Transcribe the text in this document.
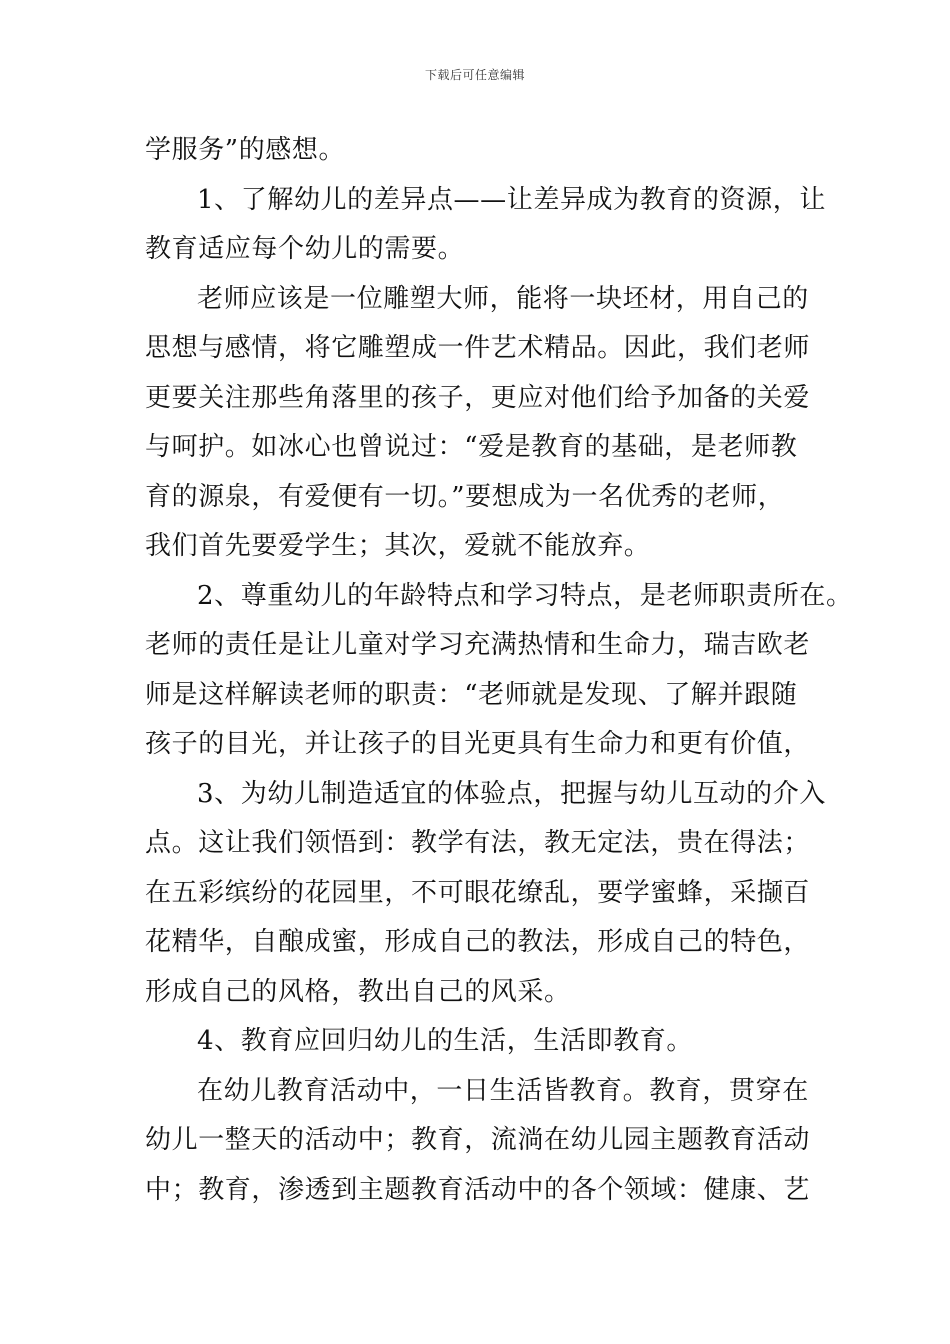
下载后可任意编辑
学服务”的感想。
1、了解幼儿的差异点——让差异成为教育的资源，让
教育适应每个幼儿的需要。
老师应该是一位雕塑大师，能将一块坯材，用自己的
思想与感情，将它雕塑成一件艺术精品。因此，我们老师
更要关注那些角落里的孩子，更应对他们给予加备的关爱
与呵护。如冰心也曾说过：“爱是教育的基础，是老师教
育的源泉，有爱便有一切。”要想成为一名优秀的老师，
我们首先要爱学生；其次，爱就不能放弃。
2、尊重幼儿的年龄特点和学习特点，是老师职责所在。
老师的责任是让儿童对学习充满热情和生命力，瑞吉欧老
师是这样解读老师的职责：“老师就是发现、了解并跟随
孩子的目光，并让孩子的目光更具有生命力和更有价值，
3、为幼儿制造适宜的体验点，把握与幼儿互动的介入
点。这让我们领悟到：教学有法，教无定法，贵在得法；
在五彩缤纷的花园里，不可眼花缭乱，要学蜜蜂，采撷百
花精华，自酿成蜜，形成自己的教法，形成自己的特色，
形成自己的风格，教出自己的风采。
4、教育应回归幼儿的生活，生活即教育。
在幼儿教育活动中，一日生活皆教育。教育，贯穿在
幼儿一整天的活动中；教育，流淌在幼儿园主题教育活动
中；教育，渗透到主题教育活动中的各个领域：健康、艺
